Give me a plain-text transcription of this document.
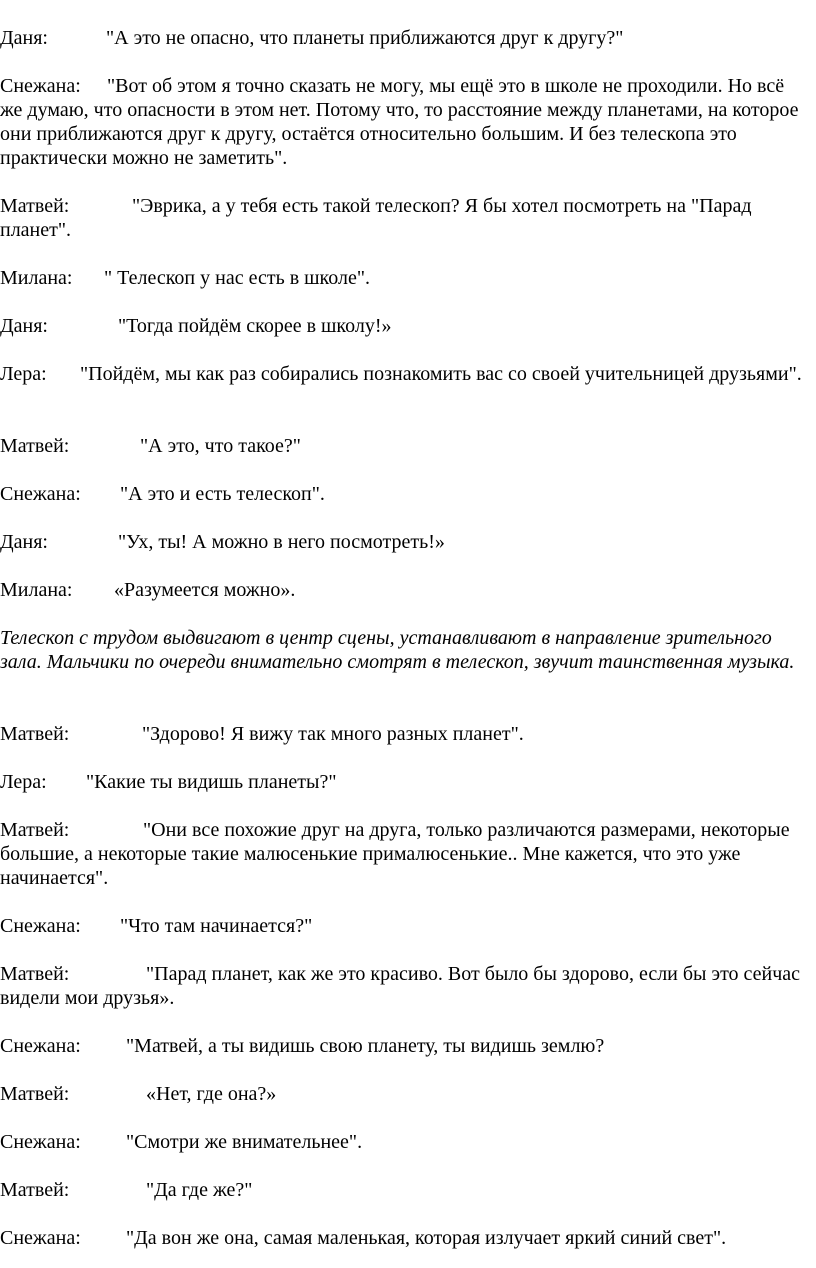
Даня:	"А это не опасно, что планеты приближаются друг к другу?"

Снежана: "Вот об этом я точно сказать не могу, мы ещё это в школе не проходили. Но всё же думаю, что опасности в этом нет. Потому что, то расстояние между планетами, на которое они приближаются друг к другу, остаётся относительно большим. И без телескопа это практически можно не заметить".

Матвей:	"Эврика, а у тебя есть такой телескоп? Я бы хотел посмотреть на "Парад планет".

Милана: " Телескоп у нас есть в школе".

Даня:	"Тогда пойдём скорее в школу!»

Лера: "Пойдём, мы как раз собирались познакомить вас со своей учительницей друзьями".

Матвей:	"А это, что такое?"

Снежана: "А это и есть телескоп".

Даня:	"Ух, ты! А можно в него посмотреть!»

Милана: «Разумеется можно».

Телескоп с трудом выдвигают в центр сцены, устанавливают в направление зрительного зала. Мальчики по очереди внимательно смотрят в телескоп, звучит таинственная музыка.

Матвей:	"Здорово! Я вижу так много разных планет".

Лера: "Какие ты видишь планеты?"

Матвей:	"Они все похожие друг на друга, только различаются размерами, некоторые большие, а некоторые такие малюсенькие прималюсенькие.. Мне кажется, что это уже начинается".

Снежана: "Что там начинается?"

Матвей:	"Парад планет, как же это красиво. Вот было бы здорово, если бы это сейчас видели мои друзья».

Снежана: "Матвей, а ты видишь свою планету, ты видишь землю?

Матвей:	«Нет, где она?»

Снежана: "Смотри же внимательнее".

Матвей:	"Да где же?"

Снежана: "Да вон же она, самая маленькая, которая излучает яркий синий свет".
